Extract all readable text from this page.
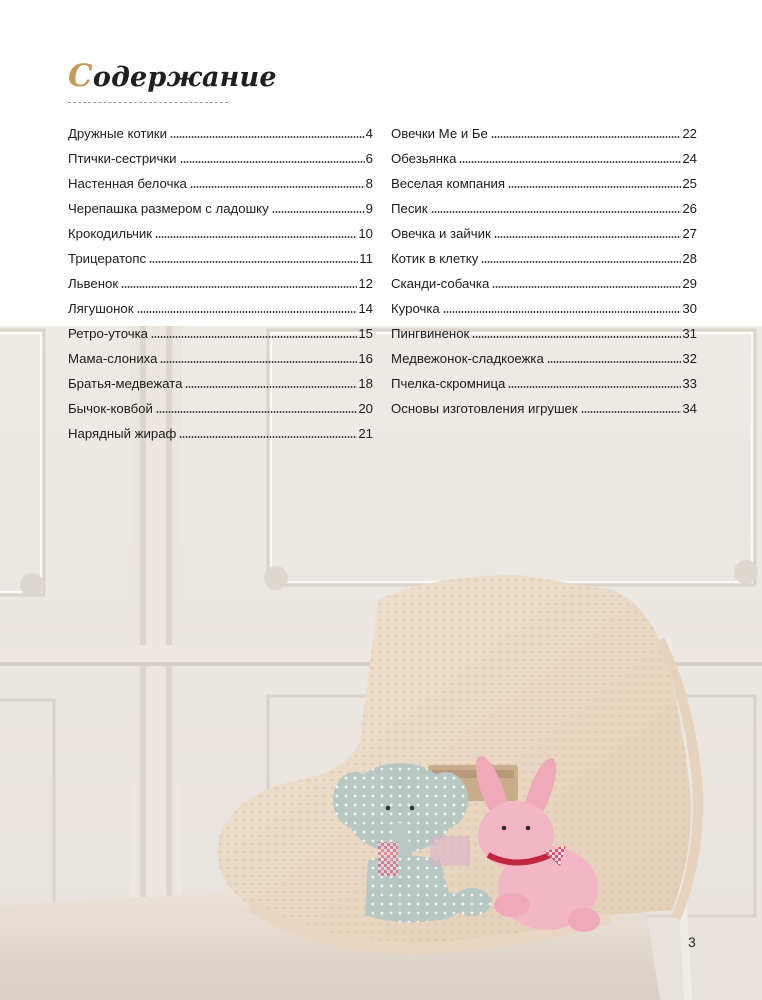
Содержание
Дружные котики	4
Птички-сестрички	6
Настенная белочка	8
Черепашка размером с ладошку	9
Крокодильчик	10
Трицератопс	11
Львенок	12
Лягушонок	14
Ретро-уточка	15
Мама-слониха	16
Братья-медвежата	18
Бычок-ковбой	20
Нарядный жираф	21
Овечки Ме и Бе	22
Обезьянка	24
Веселая компания	25
Песик	26
Овечка и зайчик	27
Котик в клетку	28
Сканди-собачка	29
Курочка	30
Пингвиненок	31
Медвежонок-сладкоежка	32
Пчелка-скромница	33
Основы изготовления игрушек	34
3
